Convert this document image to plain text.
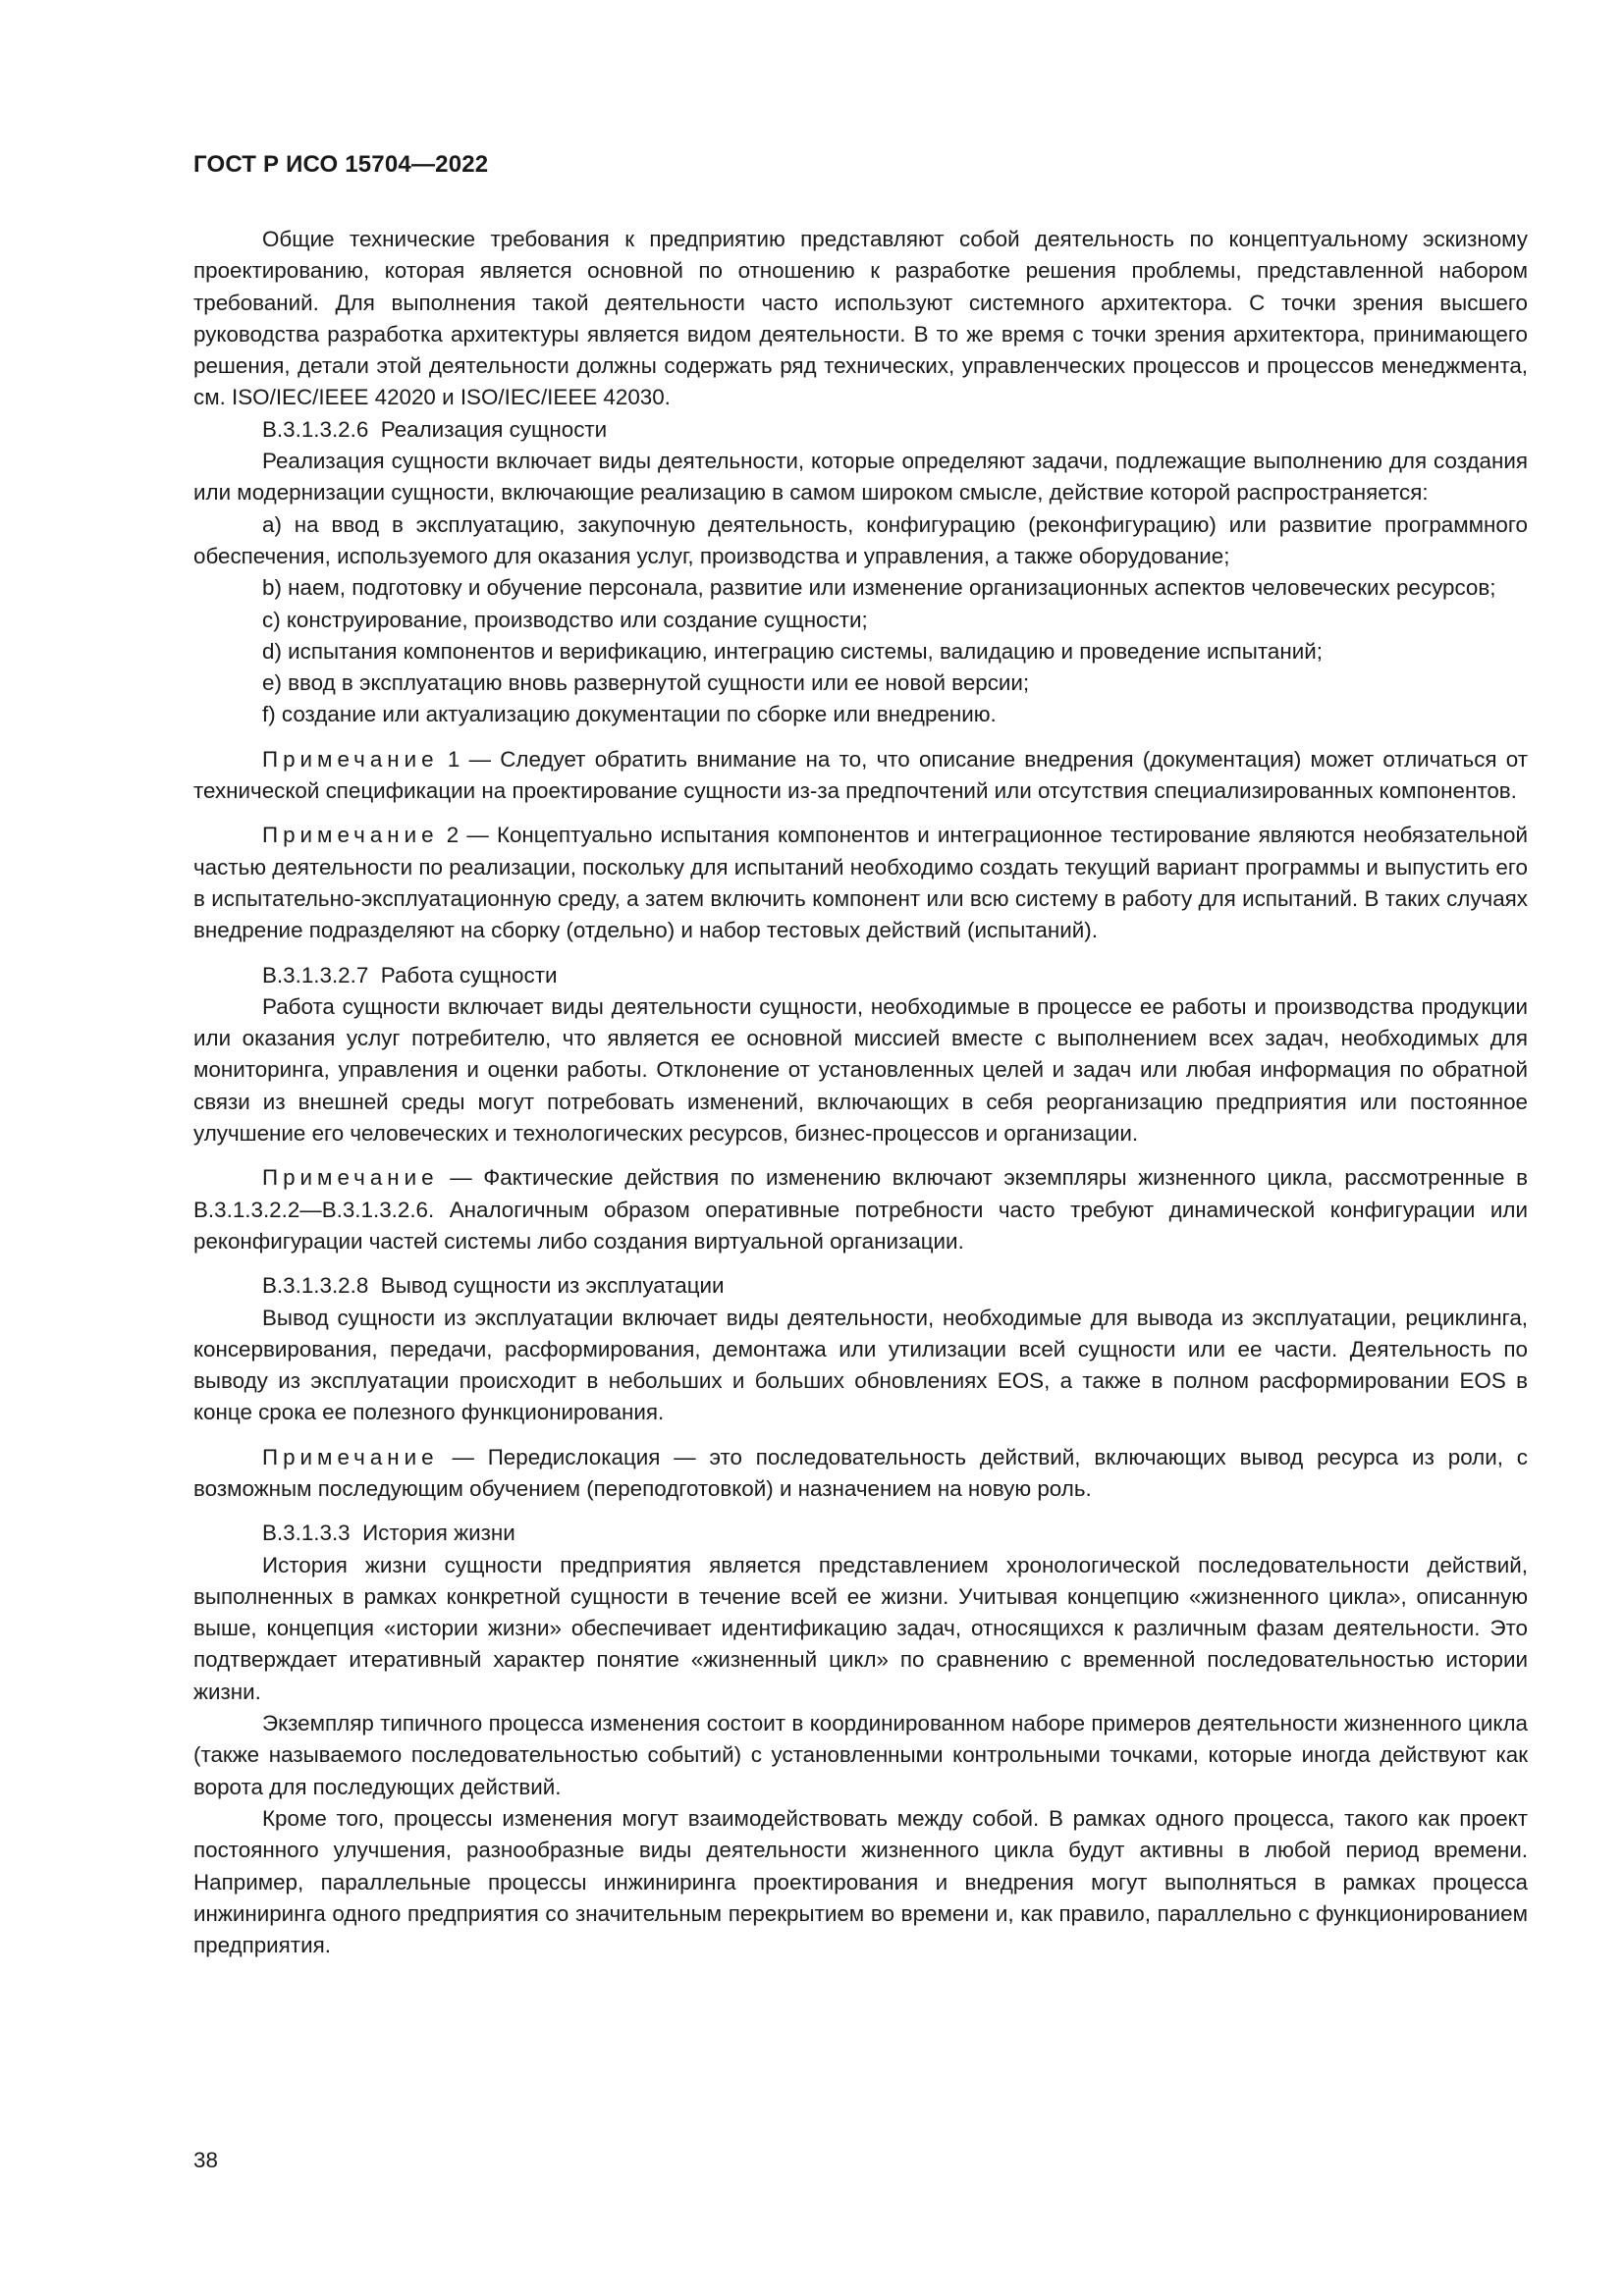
ГОСТ Р ИСО 15704—2022

Общие технические требования к предприятию представляют собой деятельность по концептуальному эскизному проектированию, которая является основной по отношению к разработке решения проблемы, представленной набором требований. Для выполнения такой деятельности часто используют системного архитектора. С точки зрения высшего руководства разработка архитектуры является видом деятельности. В то же время с точки зрения архитектора, принимающего решения, детали этой деятельности должны содержать ряд технических, управленческих процессов и процессов менеджмента, см. ISO/IEC/IEEE 42020 и ISO/IEC/IEEE 42030.

В.3.1.3.2.6 Реализация сущности

Реализация сущности включает виды деятельности, которые определяют задачи, подлежащие выполнению для создания или модернизации сущности, включающие реализацию в самом широком смысле, действие которой распространяется:

а) на ввод в эксплуатацию, закупочную деятельность, конфигурацию (реконфигурацию) или развитие программного обеспечения, используемого для оказания услуг, производства и управления, а также оборудование;

b) наем, подготовку и обучение персонала, развитие или изменение организационных аспектов человеческих ресурсов;

с) конструирование, производство или создание сущности;

d) испытания компонентов и верификацию, интеграцию системы, валидацию и проведение испытаний;

е) ввод в эксплуатацию вновь развернутой сущности или ее новой версии;

f) создание или актуализацию документации по сборке или внедрению.

Примечание 1 — Следует обратить внимание на то, что описание внедрения (документация) может отличаться от технической спецификации на проектирование сущности из-за предпочтений или отсутствия специализированных компонентов.

Примечание 2 — Концептуально испытания компонентов и интеграционное тестирование являются необязательной частью деятельности по реализации, поскольку для испытаний необходимо создать текущий вариант программы и выпустить его в испытательно-эксплуатационную среду, а затем включить компонент или всю систему в работу для испытаний. В таких случаях внедрение подразделяют на сборку (отдельно) и набор тестовых действий (испытаний).

В.3.1.3.2.7 Работа сущности

Работа сущности включает виды деятельности сущности, необходимые в процессе ее работы и производства продукции или оказания услуг потребителю, что является ее основной миссией вместе с выполнением всех задач, необходимых для мониторинга, управления и оценки работы. Отклонение от установленных целей и задач или любая информация по обратной связи из внешней среды могут потребовать изменений, включающих в себя реорганизацию предприятия или постоянное улучшение его человеческих и технологических ресурсов, бизнес-процессов и организации.

Примечание — Фактические действия по изменению включают экземпляры жизненного цикла, рассмотренные в В.3.1.3.2.2—В.3.1.3.2.6. Аналогичным образом оперативные потребности часто требуют динамической конфигурации или реконфигурации частей системы либо создания виртуальной организации.

В.3.1.3.2.8 Вывод сущности из эксплуатации

Вывод сущности из эксплуатации включает виды деятельности, необходимые для вывода из эксплуатации, рециклинга, консервирования, передачи, расформирования, демонтажа или утилизации всей сущности или ее части. Деятельность по выводу из эксплуатации происходит в небольших и больших обновлениях EOS, а также в полном расформировании EOS в конце срока ее полезного функционирования.

Примечание — Передислокация — это последовательность действий, включающих вывод ресурса из роли, с возможным последующим обучением (переподготовкой) и назначением на новую роль.

В.3.1.3.3 История жизни

История жизни сущности предприятия является представлением хронологической последовательности действий, выполненных в рамках конкретной сущности в течение всей ее жизни. Учитывая концепцию «жизненного цикла», описанную выше, концепция «истории жизни» обеспечивает идентификацию задач, относящихся к различным фазам деятельности. Это подтверждает итеративный характер понятие «жизненный цикл» по сравнению с временной последовательностью истории жизни.

Экземпляр типичного процесса изменения состоит в координированном наборе примеров деятельности жизненного цикла (также называемого последовательностью событий) с установленными контрольными точками, которые иногда действуют как ворота для последующих действий.

Кроме того, процессы изменения могут взаимодействовать между собой. В рамках одного процесса, такого как проект постоянного улучшения, разнообразные виды деятельности жизненного цикла будут активны в любой период времени. Например, параллельные процессы инжиниринга проектирования и внедрения могут выполняться в рамках процесса инжиниринга одного предприятия со значительным перекрытием во времени и, как правило, параллельно с функционированием предприятия.

38
